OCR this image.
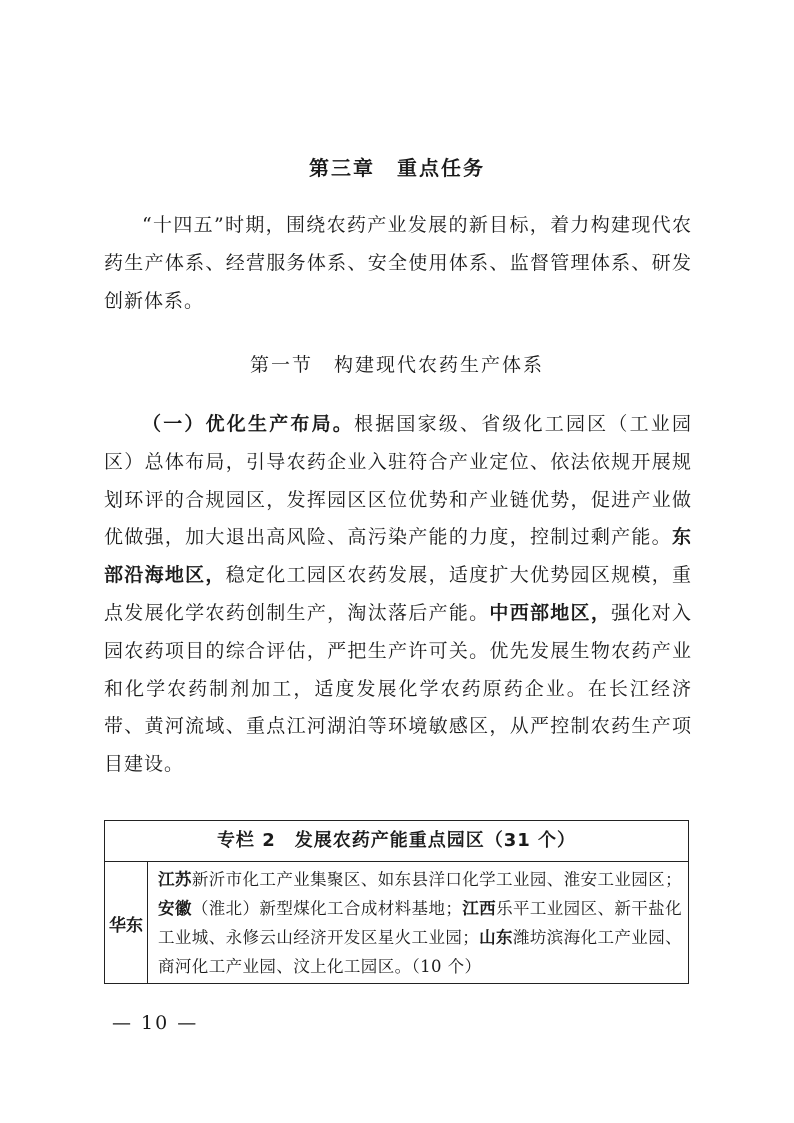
第三章　重点任务

“十四五”时期，围绕农药产业发展的新目标，着力构建现代农药生产体系、经营服务体系、安全使用体系、监督管理体系、研发创新体系。

第一节　构建现代农药生产体系

（一）优化生产布局。根据国家级、省级化工园区（工业园区）总体布局，引导农药企业入驻符合产业定位、依法依规开展规划环评的合规园区，发挥园区区位优势和产业链优势，促进产业做优做强，加大退出高风险、高污染产能的力度，控制过剩产能。东部沿海地区，稳定化工园区农药发展，适度扩大优势园区规模，重点发展化学农药创制生产，淘汰落后产能。中西部地区，强化对入园农药项目的综合评估，严把生产许可关。优先发展生物农药产业和化学农药制剂加工，适度发展化学农药原药企业。在长江经济带、黄河流域、重点江河湖泊等环境敏感区，从严控制农药生产项目建设。

专栏 2　发展农药产能重点园区（31 个）
华东

江苏新沂市化工产业集聚区、如东县洋口化学工业园、淮安工业园区；安徽（淮北）新型煤化工合成材料基地；江西乐平工业园区、新干盐化工业城、永修云山经济开发区星火工业园；山东潍坊滨海化工产业园、商河化工产业园、汶上化工园区。（10 个）

— 10 —
